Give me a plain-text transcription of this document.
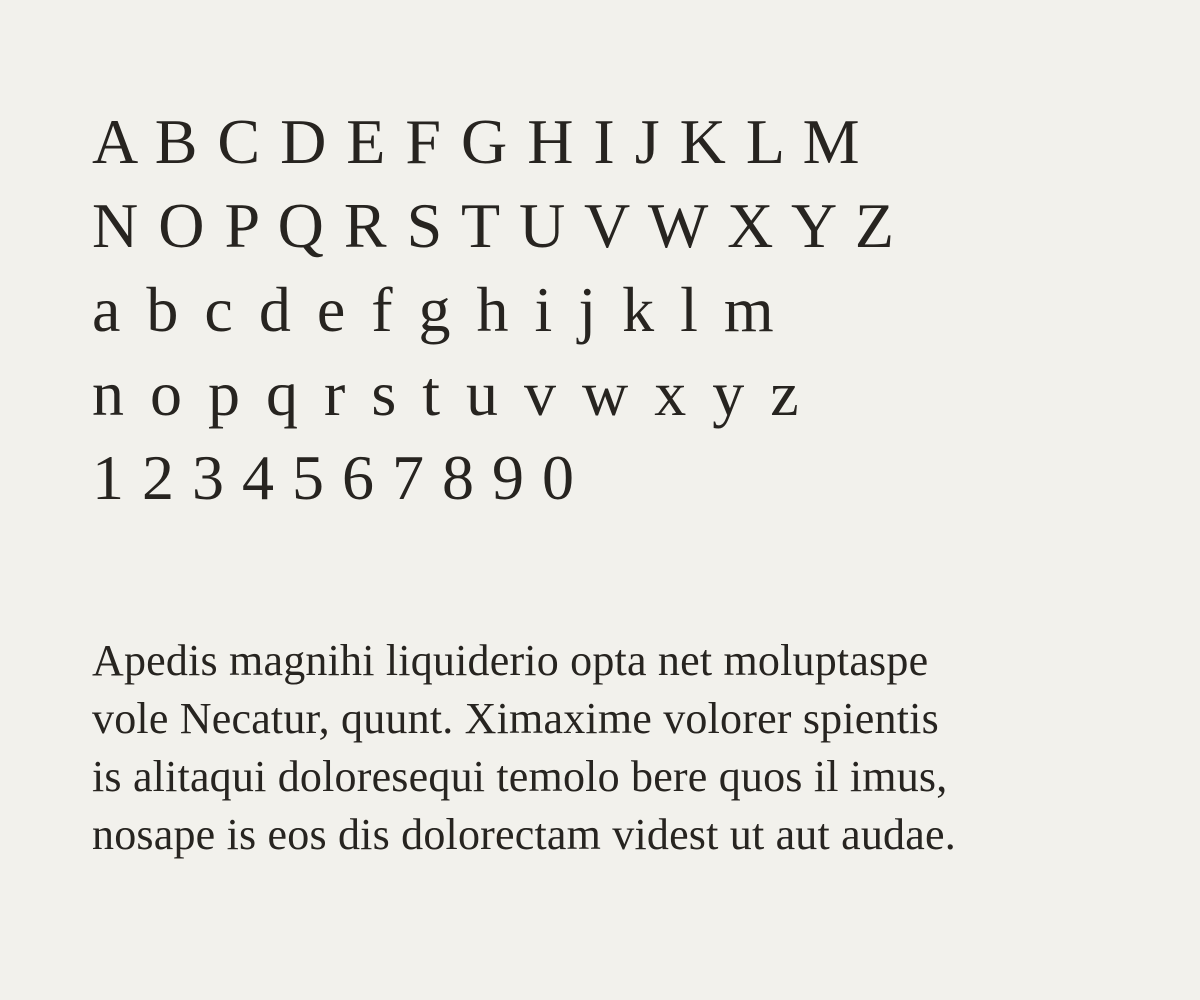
A B C D E F G H I J K L M
N O P Q R S T U V W X Y Z
a b c d e f g h i j k l m
n o p q r s t u v w x y z
1 2 3 4 5 6 7 8 9 0
Apedis magnihi liquiderio opta net moluptaspe
vole Necatur, quunt. Ximaxime volorer spientis
is alitaqui doloresequi temolo bere quos il imus,
nosape is eos dis dolorectam videst ut aut audae.
